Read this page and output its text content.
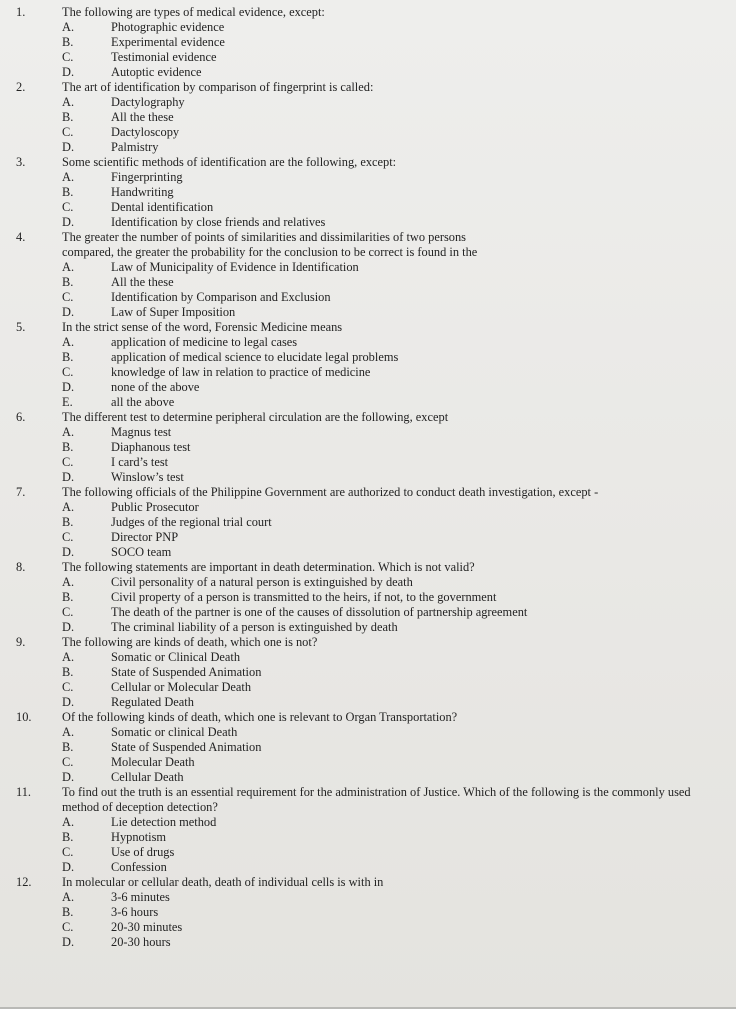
1.	The following are types of medical evidence, except:
A.	Photographic evidence
B.	Experimental evidence
C.	Testimonial evidence
D.	Autoptic evidence
2.	The art of identification by comparison of fingerprint is called:
A.	Dactylography
B.	All the these
C.	Dactyloscopy
D.	Palmistry
3.	Some scientific methods of identification are the following, except:
A.	Fingerprinting
B.	Handwriting
C.	Dental identification
D.	Identification by close friends and relatives
4.	The greater the number of points of similarities and dissimilarities of two persons
compared, the greater the probability for the conclusion to be correct is found in the
A.	Law of Municipality of Evidence in Identification
B.	All the these
C.	Identification by Comparison and Exclusion
D.	Law of Super Imposition
5.	In the strict sense of the word, Forensic Medicine means
A.	application of medicine to legal cases
B.	application of medical science to elucidate legal problems
C.	knowledge of law in relation to practice of medicine
D.	none of the above
E.	all the above
6.	The different test to determine peripheral circulation are the following, except
A.	Magnus test
B.	Diaphanous test
C.	I card’s test
D.	Winslow’s test
7.	The following officials of the Philippine Government are authorized to conduct death investigation, except -
A.	Public Prosecutor
B.	Judges of the regional trial court
C.	Director PNP
D.	SOCO team
8.	The following statements are important in death determination. Which is not valid?
A.	Civil personality of a natural person is extinguished by death
B.	Civil property of a person is transmitted to the heirs, if not, to the government
C.	The death of the partner is one of the causes of dissolution of partnership agreement
D.	The criminal liability of a person is extinguished by death
9.	The following are kinds of death, which one is not?
A.	Somatic or Clinical Death
B.	State of Suspended Animation
C.	Cellular or Molecular Death
D.	Regulated Death
10.	Of the following kinds of death, which one is relevant to Organ Transportation?
A.	Somatic or clinical Death
B.	State of Suspended Animation
C.	Molecular Death
D.	Cellular Death
11.	To find out the truth is an essential requirement for the administration of Justice. Which of the following is the commonly used
method of deception detection?
A.	Lie detection method
B.	Hypnotism
C.	Use of drugs
D.	Confession
12.	In molecular or cellular death, death of individual cells is with in
A.	3-6 minutes
B.	3-6 hours
C.	20-30 minutes
D.	20-30 hours
